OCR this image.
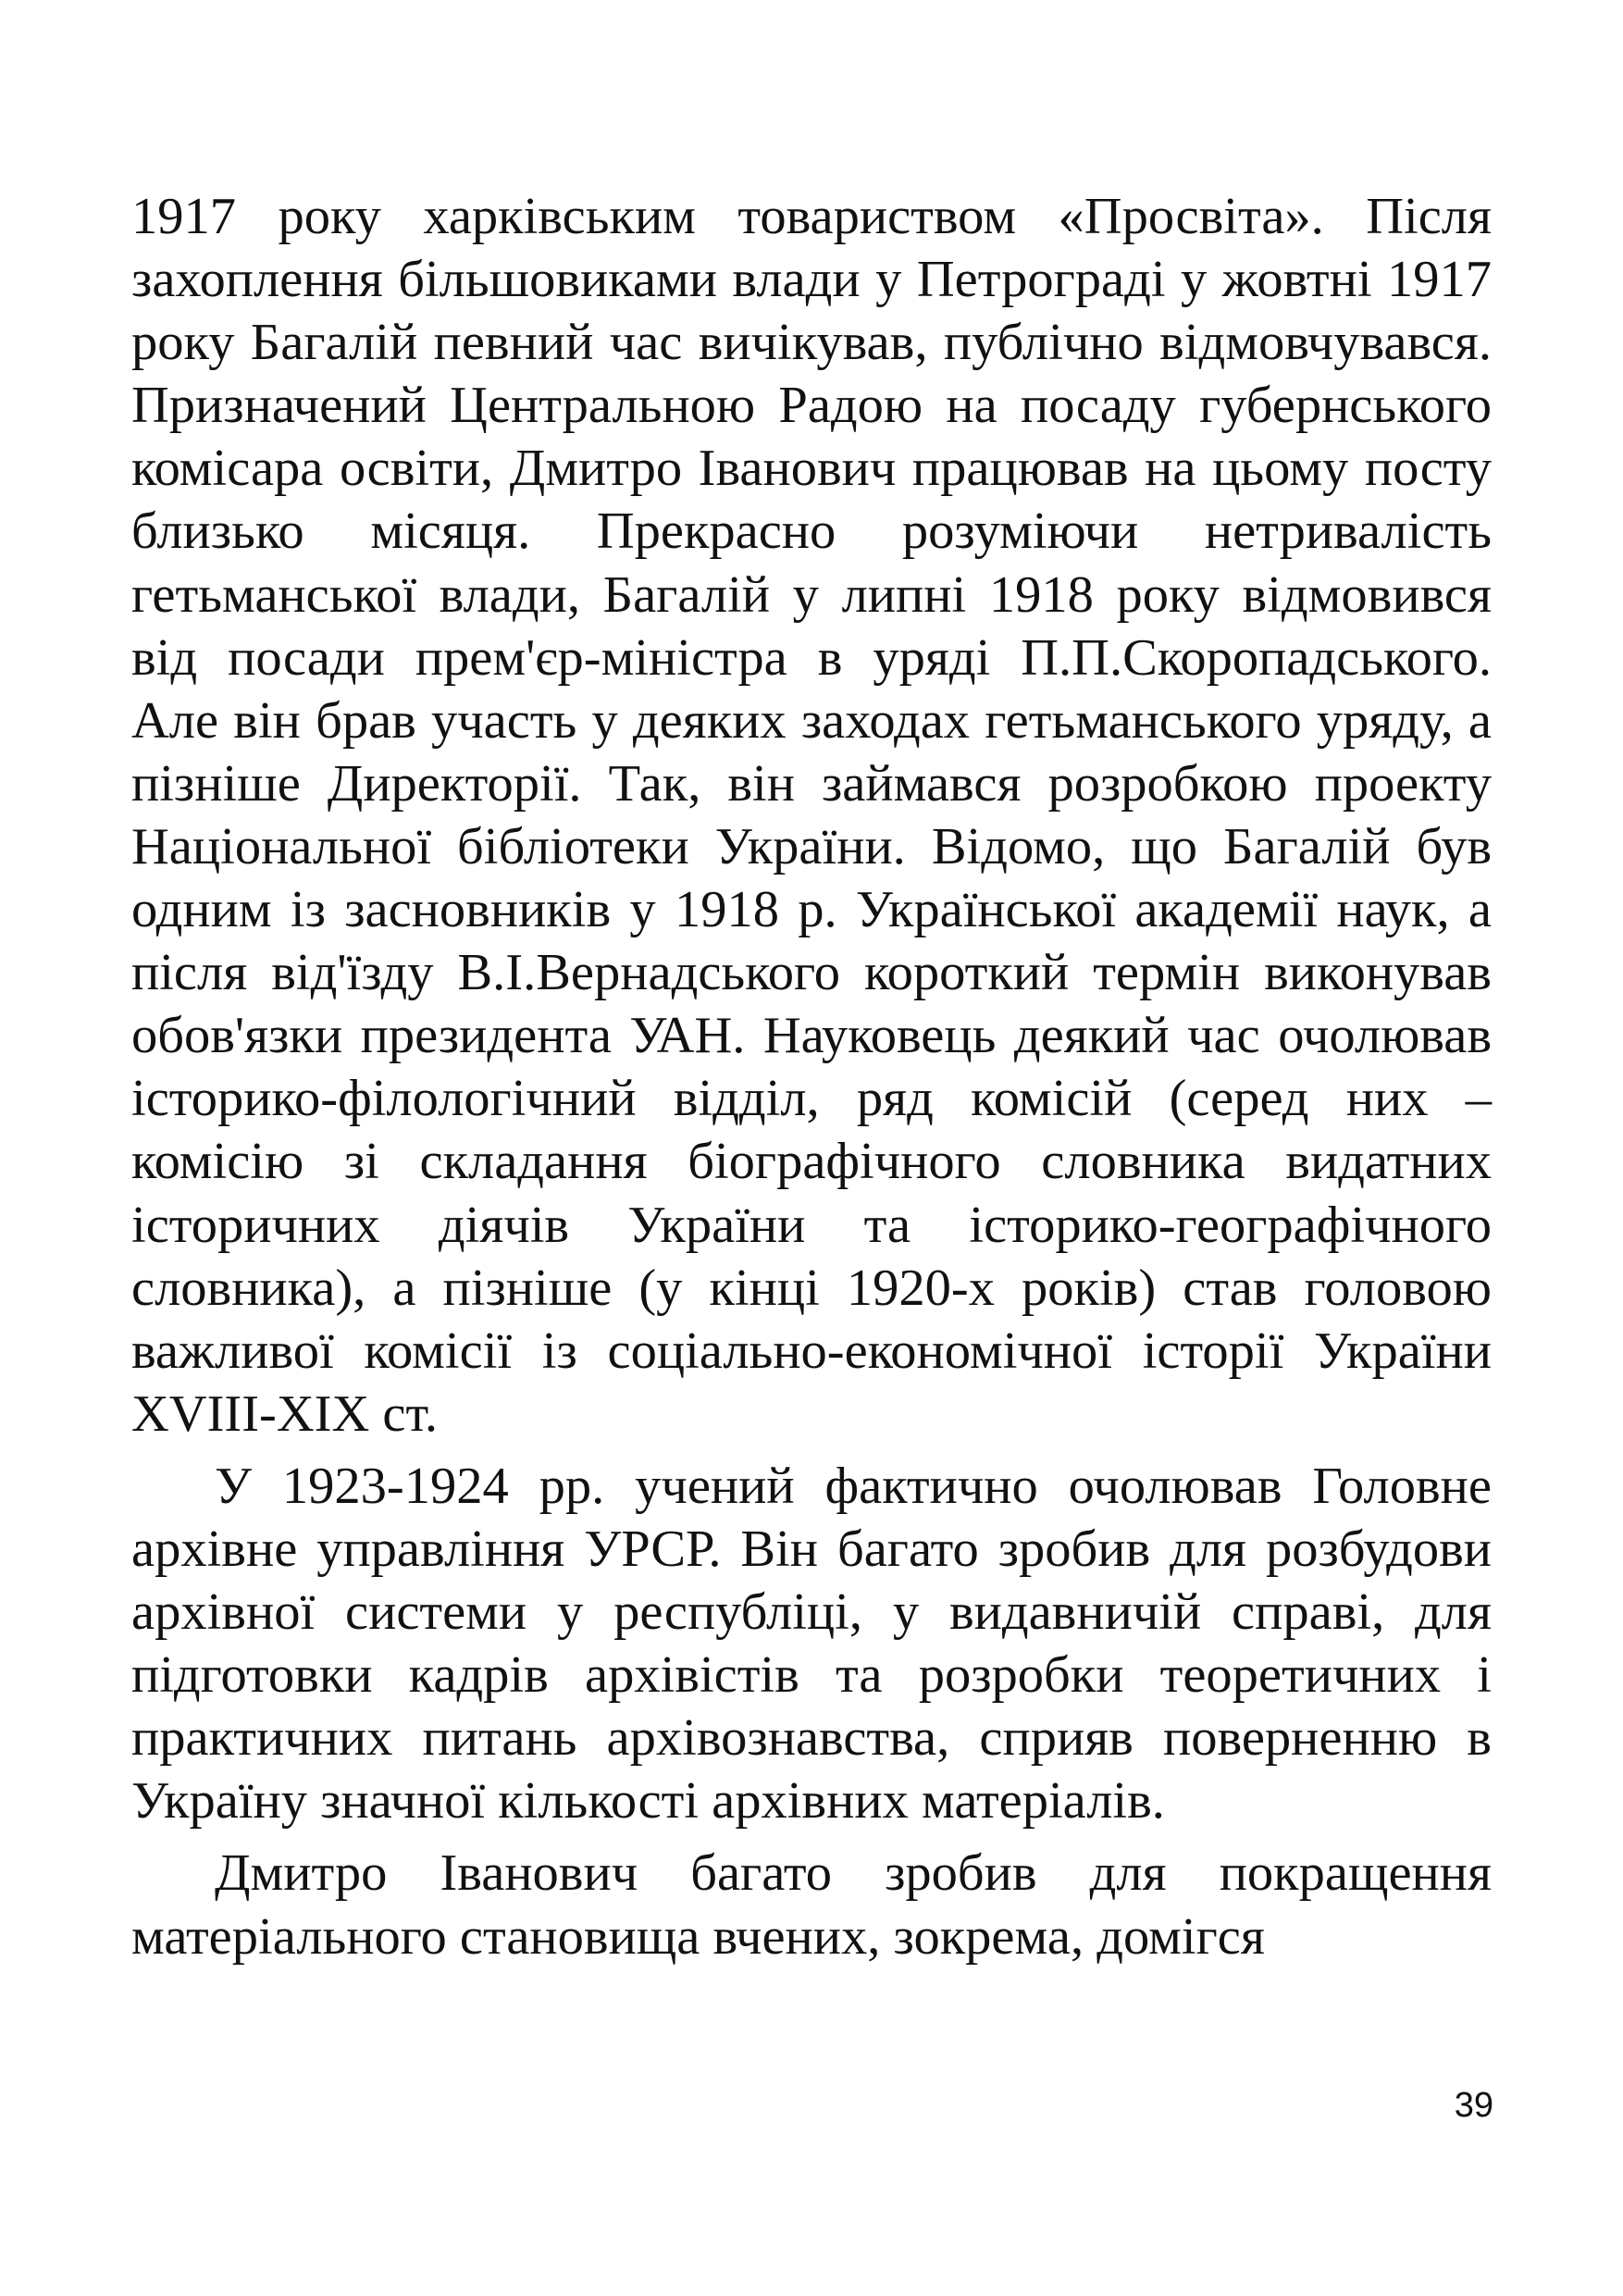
1917 року харківським товариством «Просвіта». Після захоплення більшовиками влади у Петрограді у жовтні 1917 року Багалій певний час вичікував, публічно відмовчувався. Призначений Центральною Радою на посаду губернського комісара освіти, Дмитро Іванович працював на цьому посту близько місяця. Прекрасно розуміючи нетривалість гетьманської влади, Багалій у липні 1918 року відмовився від посади прем'єр-міністра в уряді П.П.Скоропадського. Але він брав участь у деяких заходах гетьманського уряду, а пізніше Директорії. Так, він займався розробкою проекту Національної бібліотеки України. Відомо, що Багалій був одним із засновників у 1918 р. Української академії наук, а після від'їзду В.І.Вернадського короткий термін виконував обов'язки президента УАН. Науковець деякий час очолював історико-філологічний відділ, ряд комісій (серед них – комісію зі складання біографічного словника видатних історичних діячів України та історико-географічного словника), а пізніше (у кінці 1920-х років) став головою важливої комісії із соціально-економічної історії України XVIII-XIX ст.

У 1923-1924 рр. учений фактично очолював Головне архівне управління УРСР. Він багато зробив для розбудови архівної системи у республіці, у видавничій справі, для підготовки кадрів архівістів та розробки теоретичних і практичних питань архівознавства, сприяв поверненню в Україну значної кількості архівних матеріалів.

Дмитро Іванович багато зробив для покращення матеріального становища вчених, зокрема, домігся

39
